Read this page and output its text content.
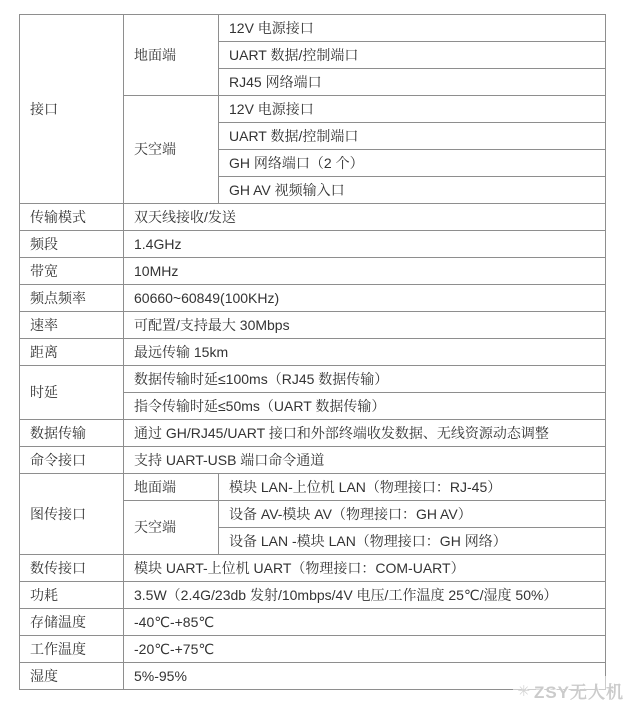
接口	地面端	12V 电源接口
		UART 数据/控制端口
		RJ45 网络端口
	天空端	12V 电源接口
		UART 数据/控制端口
		GH 网络端口（2 个）
		GH AV 视频输入口
传输模式	双天线接收/发送	
频段	1.4GHz	
带宽	10MHz	
频点频率	60660~60849(100KHz)	
速率	可配置/支持最大 30Mbps	
距离	最远传输 15km	
时延	数据传输时延≤100ms（RJ45 数据传输）	
	指令传输时延≤50ms（UART 数据传输）	
数据传输	通过 GH/RJ45/UART 接口和外部终端收发数据、无线资源动态调整	
命令接口	支持 UART-USB 端口命令通道	
图传接口	地面端	模块 LAN-上位机 LAN（物理接口：RJ-45）
	天空端	设备 AV-模块 AV（物理接口：GH AV）
		设备 LAN -模块 LAN（物理接口：GH 网络）
数传接口	模块 UART-上位机 UART（物理接口：COM-UART）	
功耗	3.5W（2.4G/23db 发射/10mbps/4V 电压/工作温度 25℃/湿度 50%）	
存储温度	-40℃-+85℃	
工作温度	-20℃-+75℃	
湿度	5%-95%	
✳ ZSY无人机
